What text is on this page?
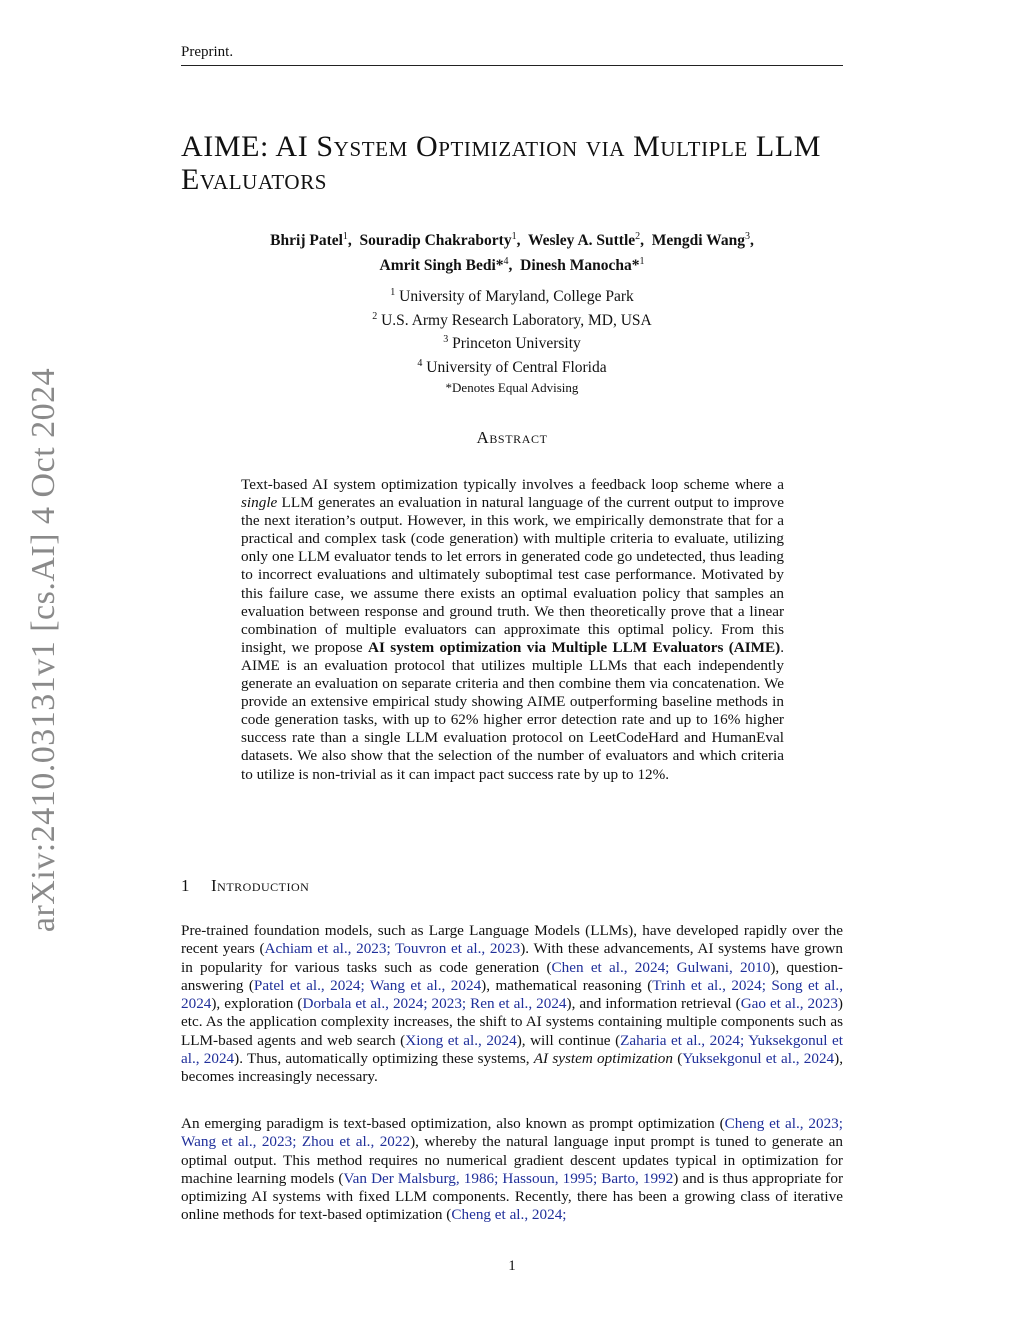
Preprint.
arXiv:2410.03131v1 [cs.AI] 4 Oct 2024
AIME: AI System Optimization via Multiple LLM Evaluators
Bhrij Patel$^1$,  Souradip Chakraborty$^1$,  Wesley A. Suttle$^2$,  Mengdi Wang$^3$,
Amrit Singh Bedi*$^4$,  Dinesh Manocha*$^1$
$^1$ University of Maryland, College Park
$^2$ U.S. Army Research Laboratory, MD, USA
$^3$ Princeton University
$^4$ University of Central Florida
*Denotes Equal Advising
Abstract
Text-based AI system optimization typically involves a feedback loop scheme where a single LLM generates an evaluation in natural language of the current output to improve the next iteration’s output. However, in this work, we empirically demonstrate that for a practical and complex task (code generation) with multiple criteria to evaluate, utilizing only one LLM evaluator tends to let errors in generated code go undetected, thus leading to incorrect evaluations and ultimately suboptimal test case performance. Motivated by this failure case, we assume there exists an optimal evaluation policy that samples an evaluation between response and ground truth. We then theoretically prove that a linear combination of multiple evaluators can approximate this optimal policy. From this insight, we propose AI system optimization via Multiple LLM Evaluators (AIME). AIME is an evaluation protocol that utilizes multiple LLMs that each independently generate an evaluation on separate criteria and then combine them via concatenation. We provide an extensive empirical study showing AIME outperforming baseline methods in code generation tasks, with up to 62% higher error detection rate and up to 16% higher success rate than a single LLM evaluation protocol on LeetCodeHard and HumanEval datasets. We also show that the selection of the number of evaluators and which criteria to utilize is non-trivial as it can impact pact success rate by up to 12%.
1 Introduction
Pre-trained foundation models, such as Large Language Models (LLMs), have developed rapidly over the recent years (Achiam et al., 2023; Touvron et al., 2023). With these advancements, AI systems have grown in popularity for various tasks such as code generation (Chen et al., 2024; Gulwani, 2010), question-answering (Patel et al., 2024; Wang et al., 2024), mathematical reasoning (Trinh et al., 2024; Song et al., 2024), exploration (Dorbala et al., 2024; 2023; Ren et al., 2024), and information retrieval (Gao et al., 2023) etc. As the application complexity increases, the shift to AI systems containing multiple components such as LLM-based agents and web search (Xiong et al., 2024), will continue (Zaharia et al., 2024; Yuksekgonul et al., 2024). Thus, automatically optimizing these systems, AI system optimization (Yuksekgonul et al., 2024), becomes increasingly necessary.
An emerging paradigm is text-based optimization, also known as prompt optimization (Cheng et al., 2023; Wang et al., 2023; Zhou et al., 2022), whereby the natural language input prompt is tuned to generate an optimal output. This method requires no numerical gradient descent updates typical in optimization for machine learning models (Van Der Malsburg, 1986; Hassoun, 1995; Barto, 1992) and is thus appropriate for optimizing AI systems with fixed LLM components. Recently, there has been a growing class of iterative online methods for text-based optimization (Cheng et al., 2024;
1
